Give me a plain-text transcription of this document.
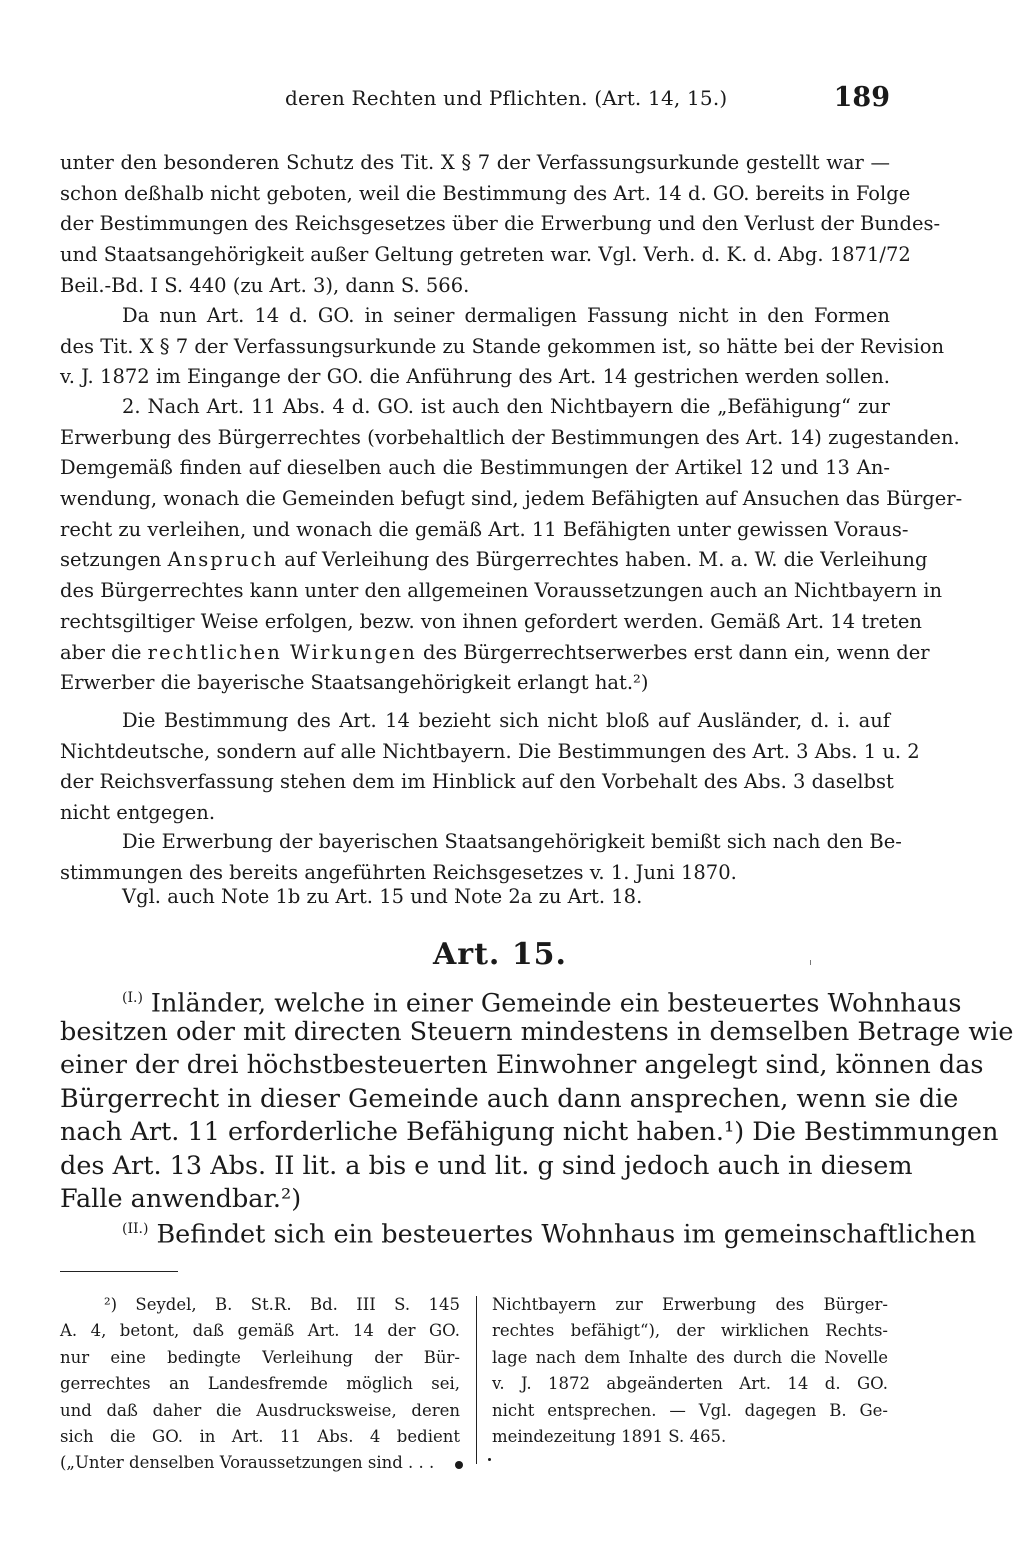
deren Rechten und Pflichten. (Art. 14, 15.)	189
unter den besonderen Schutz des Tit. X § 7 der Verfassungsurkunde gestellt war —
schon deßhalb nicht geboten, weil die Bestimmung des Art. 14 d. GO. bereits in Folge
der Bestimmungen des Reichsgesetzes über die Erwerbung und den Verlust der Bundes-
und Staatsangehörigkeit außer Geltung getreten war. Vgl. Verh. d. K. d. Abg. 1871/72
Beil.-Bd. I S. 440 (zu Art. 3), dann S. 566.
Da nun Art. 14 d. GO. in seiner dermaligen Fassung nicht in den Formen
des Tit. X § 7 der Verfassungsurkunde zu Stande gekommen ist, so hätte bei der Revision
v. J. 1872 im Eingange der GO. die Anführung des Art. 14 gestrichen werden sollen.
2. Nach Art. 11 Abs. 4 d. GO. ist auch den Nichtbayern die „Befähigung“ zur
Erwerbung des Bürgerrechtes (vorbehaltlich der Bestimmungen des Art. 14) zugestanden.
Demgemäß finden auf dieselben auch die Bestimmungen der Artikel 12 und 13 An-
wendung, wonach die Gemeinden befugt sind, jedem Befähigten auf Ansuchen das Bürger-
recht zu verleihen, und wonach die gemäß Art. 11 Befähigten unter gewissen Voraus-
setzungen Anspruch auf Verleihung des Bürgerrechtes haben. M. a. W. die Verleihung
des Bürgerrechtes kann unter den allgemeinen Voraussetzungen auch an Nichtbayern in
rechtsgiltiger Weise erfolgen, bezw. von ihnen gefordert werden. Gemäß Art. 14 treten
aber die rechtlichen Wirkungen des Bürgerrechtserwerbes erst dann ein, wenn der
Erwerber die bayerische Staatsangehörigkeit erlangt hat.²)
Die Bestimmung des Art. 14 bezieht sich nicht bloß auf Ausländer, d. i. auf
Nichtdeutsche, sondern auf alle Nichtbayern. Die Bestimmungen des Art. 3 Abs. 1 u. 2
der Reichsverfassung stehen dem im Hinblick auf den Vorbehalt des Abs. 3 daselbst
nicht entgegen.
Die Erwerbung der bayerischen Staatsangehörigkeit bemißt sich nach den Be-
stimmungen des bereits angeführten Reichsgesetzes v. 1. Juni 1870.
Vgl. auch Note 1b zu Art. 15 und Note 2a zu Art. 18.
Art. 15.
$^{(I.)}$ Inländer, welche in einer Gemeinde ein besteuertes Wohnhaus
besitzen oder mit directen Steuern mindestens in demselben Betrage wie
einer der drei höchstbesteuerten Einwohner angelegt sind, können das
Bürgerrecht in dieser Gemeinde auch dann ansprechen, wenn sie die
nach Art. 11 erforderliche Befähigung nicht haben.¹) Die Bestimmungen
des Art. 13 Abs. II lit. a bis e und lit. g sind jedoch auch in diesem
Falle anwendbar.²)
$^{(II.)}$ Befindet sich ein besteuertes Wohnhaus im gemeinschaftlichen
²) Seydel, B. St.R. Bd. III S. 145
A. 4, betont, daß gemäß Art. 14 der GO.
nur eine bedingte Verleihung der Bür-
gerrechtes an Landesfremde möglich sei,
und daß daher die Ausdrucksweise, deren
sich die GO. in Art. 11 Abs. 4 bedient
(„Unter denselben Voraussetzungen sind . . .
Nichtbayern zur Erwerbung des Bürger-
rechtes befähigt“), der wirklichen Rechts-
lage nach dem Inhalte des durch die Novelle
v. J. 1872 abgeänderten Art. 14 d. GO.
nicht entsprechen. — Vgl. dagegen B. Ge-
meindezeitung 1891 S. 465.
